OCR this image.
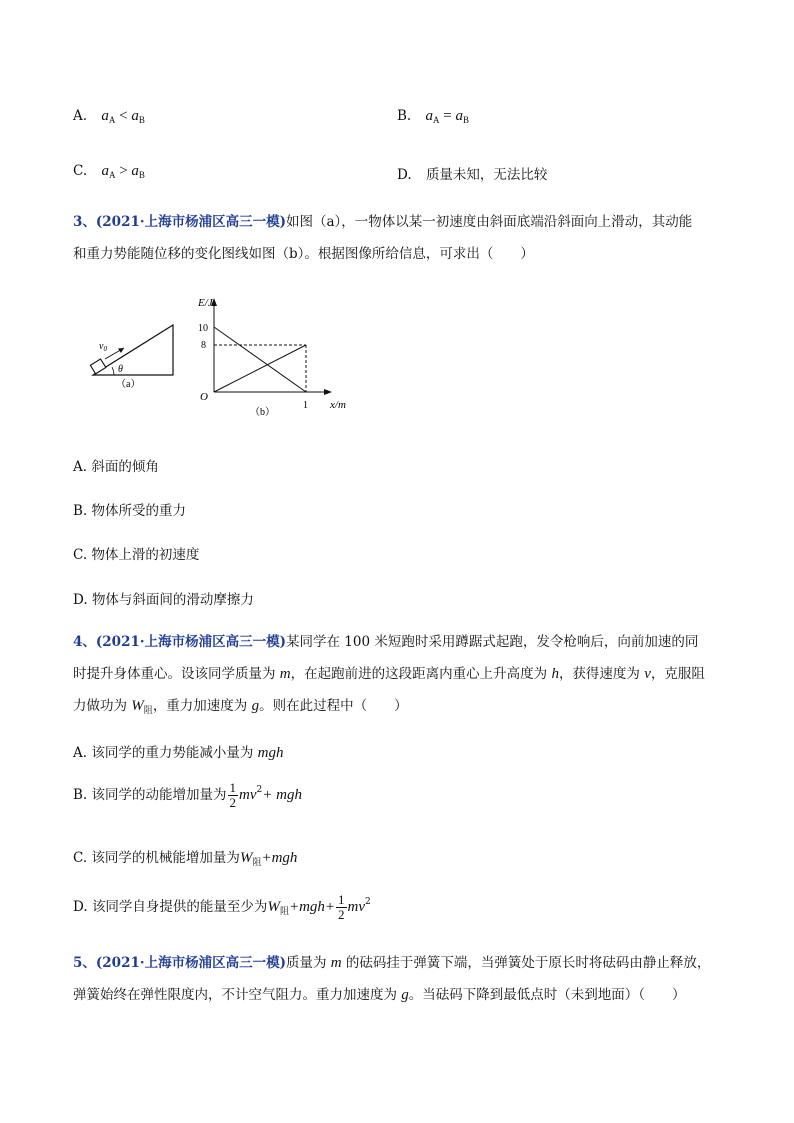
A. $a_A < a_B$	B. $a_A = a_B$
C. $a_A > a_B$	D. 质量未知，无法比较
3、(2021·上海市杨浦区高三一模)如图（a），一物体以某一初速度由斜面底端沿斜面向上滑动，其动能
和重力势能随位移的变化图线如图（b）。根据图像所给信息，可求出（　　）
$v_0$
θ
（a）
E/J
10
8
O
1 x/m
（b）
A. 斜面的倾角
B. 物体所受的重力
C. 物体上滑的初速度
D. 物体与斜面间的滑动摩擦力
4、(2021·上海市杨浦区高三一模)某同学在 100 米短跑时采用蹲踞式起跑，发令枪响后，向前加速的同
时提升身体重心。设该同学质量为 m，在起跑前进的这段距离内重心上升高度为 h，获得速度为 v，克服阻
力做功为 $W_阻$，重力加速度为 g。则在此过程中（　　）
A. 该同学的重力势能减小量为 mgh
B. 该同学的动能增加量为 $\frac{1}{2} mv^2+$ mgh
C. 该同学的机械能增加量为$W_阻+mgh$
D. 该同学自身提供的能量至少为$W_阻+mgh+ \frac{1}{2} mv^2$
5、(2021·上海市杨浦区高三一模)质量为 m 的砝码挂于弹簧下端，当弹簧处于原长时将砝码由静止释放，
弹簧始终在弹性限度内，不计空气阻力。重力加速度为 g。当砝码下降到最低点时（未到地面）（　　）
